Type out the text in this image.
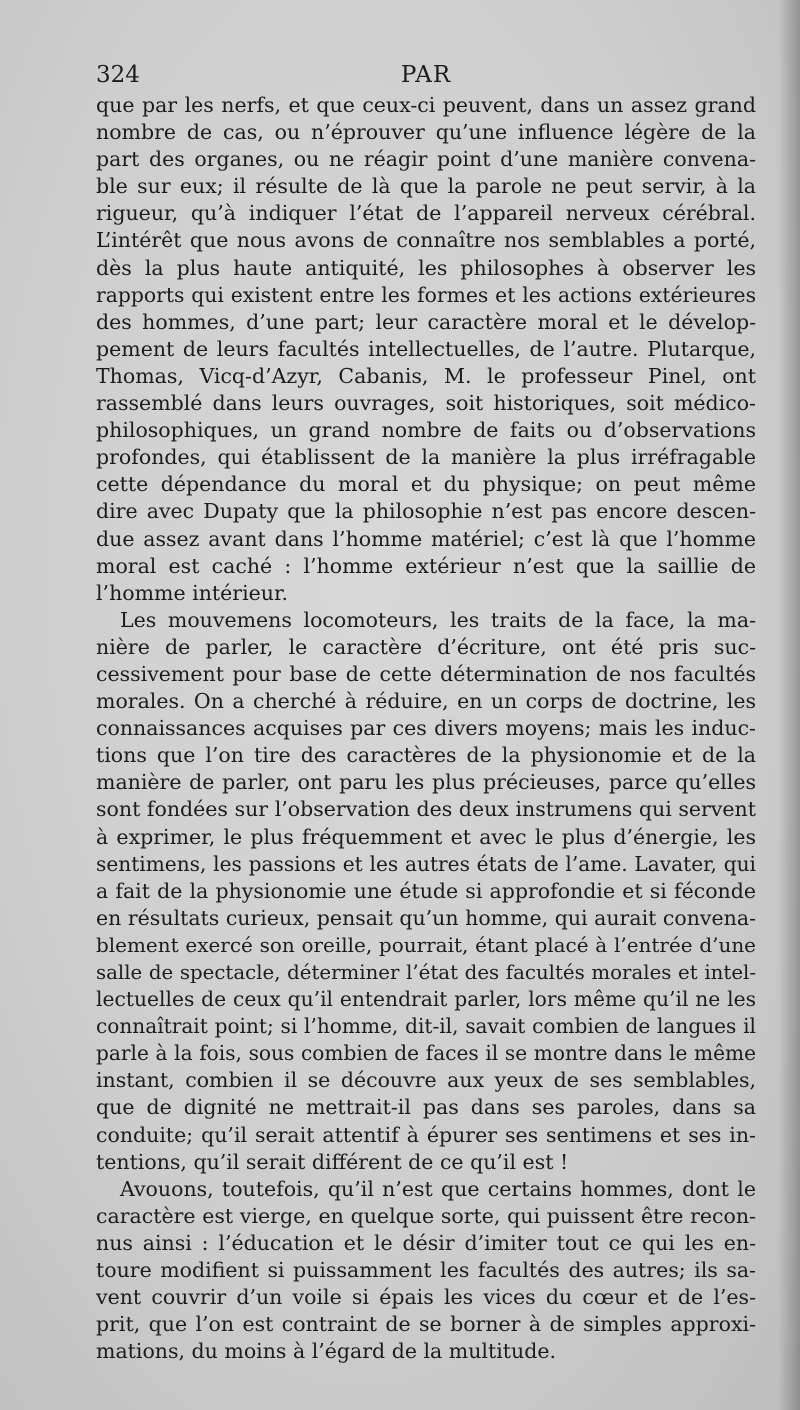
324	PAR
que par les nerfs, et que ceux-ci peuvent, dans un assez grand
nombre de cas, ou n’éprouver qu’une influence légère de la
part des organes, ou ne réagir point d’une manière convena-
ble sur eux; il résulte de là que la parole ne peut servir, à la
rigueur, qu’à indiquer l’état de l’appareil nerveux cérébral.
L’intérêt que nous avons de connaître nos semblables a porté,
dès la plus haute antiquité, les philosophes à observer les
rapports qui existent entre les formes et les actions extérieures
des hommes, d’une part; leur caractère moral et le dévelop-
pement de leurs facultés intellectuelles, de l’autre. Plutarque,
Thomas, Vicq-d’Azyr, Cabanis, M. le professeur Pinel, ont
rassemblé dans leurs ouvrages, soit historiques, soit médico-
philosophiques, un grand nombre de faits ou d’observations
profondes, qui établissent de la manière la plus irréfragable
cette dépendance du moral et du physique; on peut même
dire avec Dupaty que la philosophie n’est pas encore descen-
due assez avant dans l’homme matériel; c’est là que l’homme
moral est caché : l’homme extérieur n’est que la saillie de
l’homme intérieur.
Les mouvemens locomoteurs, les traits de la face, la ma-
nière de parler, le caractère d’écriture, ont été pris suc-
cessivement pour base de cette détermination de nos facultés
morales. On a cherché à réduire, en un corps de doctrine, les
connaissances acquises par ces divers moyens; mais les induc-
tions que l’on tire des caractères de la physionomie et de la
manière de parler, ont paru les plus précieuses, parce qu’elles
sont fondées sur l’observation des deux instrumens qui servent
à exprimer, le plus fréquemment et avec le plus d’énergie, les
sentimens, les passions et les autres états de l’ame. Lavater, qui
a fait de la physionomie une étude si approfondie et si féconde
en résultats curieux, pensait qu’un homme, qui aurait convena-
blement exercé son oreille, pourrait, étant placé à l’entrée d’une
salle de spectacle, déterminer l’état des facultés morales et intel-
lectuelles de ceux qu’il entendrait parler, lors même qu’il ne les
connaîtrait point; si l’homme, dit-il, savait combien de langues il
parle à la fois, sous combien de faces il se montre dans le même
instant, combien il se découvre aux yeux de ses semblables,
que de dignité ne mettrait-il pas dans ses paroles, dans sa
conduite; qu’il serait attentif à épurer ses sentimens et ses in-
tentions, qu’il serait différent de ce qu’il est !
Avouons, toutefois, qu’il n’est que certains hommes, dont le
caractère est vierge, en quelque sorte, qui puissent être recon-
nus ainsi : l’éducation et le désir d’imiter tout ce qui les en-
toure modifient si puissamment les facultés des autres; ils sa-
vent couvrir d’un voile si épais les vices du cœur et de l’es-
prit, que l’on est contraint de se borner à de simples approxi-
mations, du moins à l’égard de la multitude.
